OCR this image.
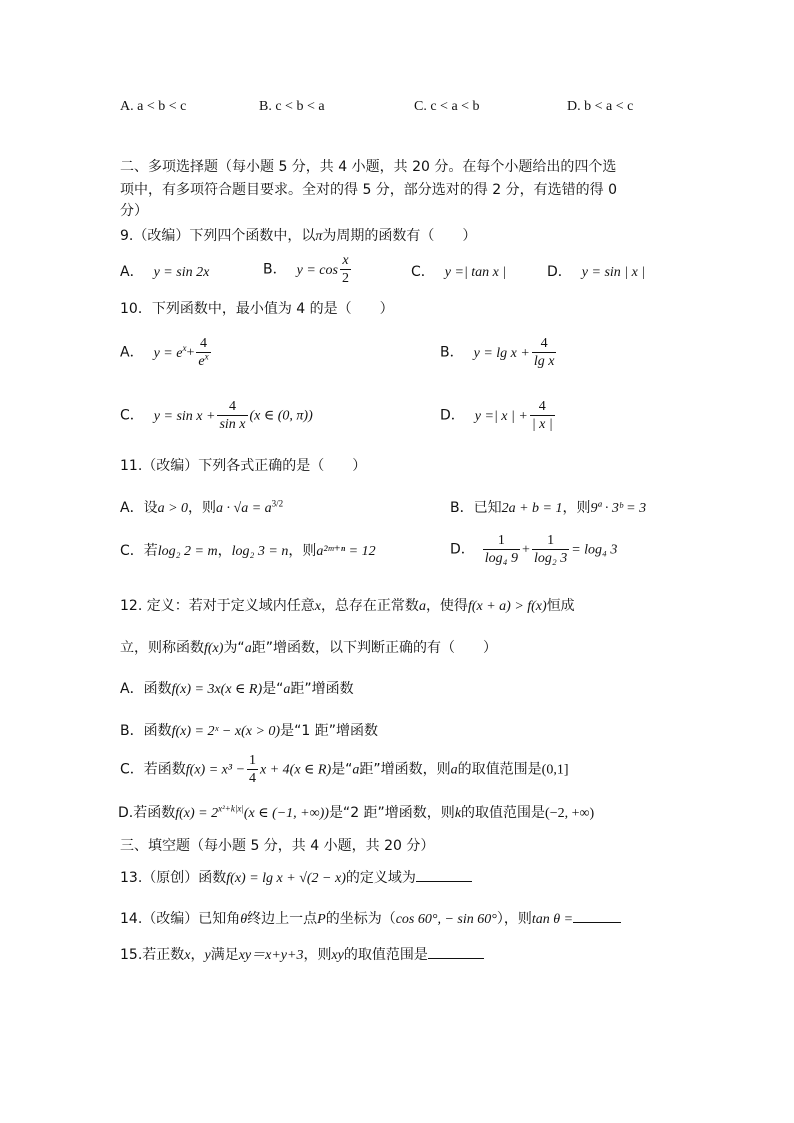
A. a < b < c	B. c < b < a	C. c < a < b	D. b < a < c
二、多项选择题（每小题 5 分，共 4 小题，共 20 分。在每个小题给出的四个选
项中，有多项符合题目要求。全对的得 5 分，部分选对的得 2 分，有选错的得 0
分）
9.（改编）下列四个函数中，以π为周期的函数有（　　）
A． y = sin 2x	B． $y = \cos \frac{x}{2}$	C． y =| tan x |	D． y = sin | x |
10．下列函数中，最小值为 4 的是（　　）
A． $y = e^x+ \frac{4}{e^x}$	B． $y = \lg x + \frac{4}{\text{lg x}}$
C． $y = \sin x + \frac{4}{\text{sin x}} (x$ ∈ (0, π))	D． y =| x | + $\frac{4}{| x |}$
11.（改编）下列各式正确的是（　　）
A．设a > 0，则$a \cdot √a = a^{3/2}$	B．已知2a + b = 1，则9ª · 3ᵇ = 3
C．若log₂ 2 = m，log₂ 3 = n，则a²ᵐ⁺ⁿ = 12	D． $\frac{1}{\text{log₄ 9}} + \frac{1}{\text{log₂ 3}} = \log_4$ 3
12. 定义：若对于定义域内任意x，总存在正常数a，使得f(x + a) > f(x)恒成
立，则称函数f(x)为“a距”增函数，以下判断正确的有（　　）
A．函数f(x) = 3x(x ∈ R)是“a距”增函数
B．函数f(x) = 2ˣ − x(x > 0)是“1 距”增函数
C．若函数$f(x) = x^3 - \frac{1}{4}$ x + 4(x ∈ R)是“a距”增函数，则a的取值范围是(0,1]
D.若函数$f(x) = 2^{x^2+k|x|}(x$ ∈ (−1, +∞))是“2 距”增函数，则k的取值范围是(−2, +∞)
三、填空题（每小题 5 分，共 4 小题，共 20 分）
13.（原创）函数f(x) = lg x + √(2 − x)的定义域为
14.（改编）已知角θ终边上一点P的坐标为（cos 60°, − sin 60°），则tan θ =
15.若正数x，y满足xy＝x+y+3，则xy的取值范围是
